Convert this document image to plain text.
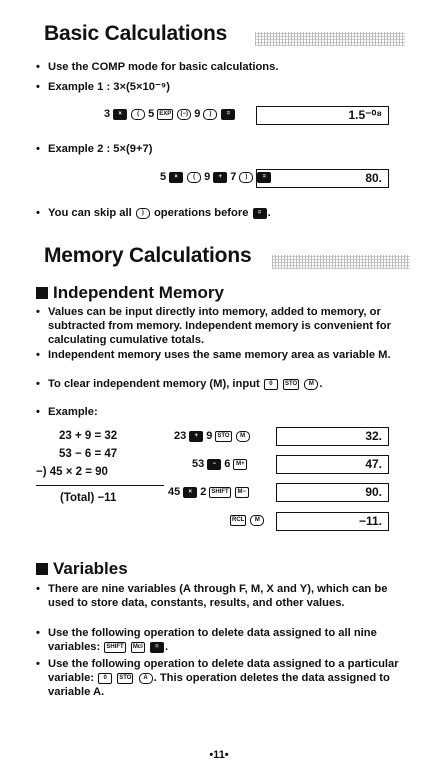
Basic Calculations
• Use the COMP mode for basic calculations.
• Example 1 : 3×(5×10⁻⁹)
3	×	( 5 EXP	(−) 9	)	=	1.5⁻⁰⁸
• Example 2 : 5×(9+7)
5	×	( 9	+ 7	)	=	80.
• You can skip all ) operations before = .
Memory Calculations
Independent Memory
• Values can be input directly into memory, added to memory, or subtracted from memory. Independent memory is convenient for calculating cumulative totals.
• Independent memory uses the same memory area as variable M.
• To clear independent memory (M), input 0 STO M .
• Example:
23 + 9 = 32
53 − 6 = 47
−) 45 × 2 = 90
(Total) −11
23	+ 9 STO	M	32.
53	− 6 M+	47.
45	× 2 SHIFT	M−	90.
RCL	M	−11.
Variables
• There are nine variables (A through F, M, X and Y), which can be used to store data, constants, results, and other values.
• Use the following operation to delete data assigned to all nine variables: SHIFT Mcl = .
• Use the following operation to delete data assigned to a particular variable: 0 STO A . This operation deletes the data assigned to variable A.
•11•
